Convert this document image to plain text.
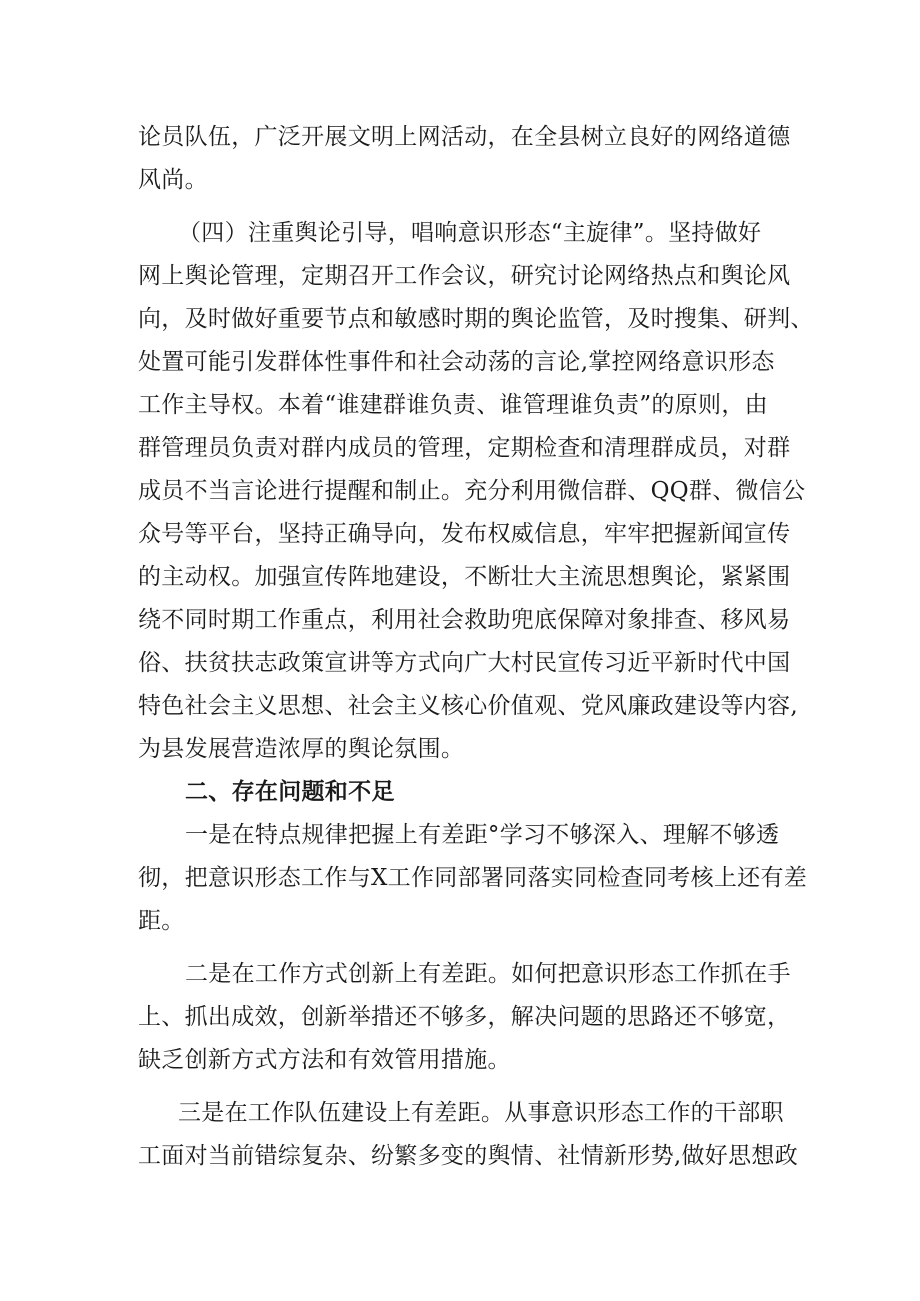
论员队伍，广泛开展文明上网活动，在全县树立良好的网络道德
风尚。
（四）注重舆论引导，唱响意识形态“主旋律”。坚持做好
网上舆论管理，定期召开工作会议，研究讨论网络热点和舆论风
向，及时做好重要节点和敏感时期的舆论监管，及时搜集、研判、
处置可能引发群体性事件和社会动荡的言论,掌控网络意识形态
工作主导权。本着“谁建群谁负责、谁管理谁负责”的原则，由
群管理员负责对群内成员的管理，定期检查和清理群成员，对群
成员不当言论进行提醒和制止。充分利用微信群、QQ群、微信公
众号等平台，坚持正确导向，发布权威信息，牢牢把握新闻宣传
的主动权。加强宣传阵地建设，不断壮大主流思想舆论，紧紧围
绕不同时期工作重点，利用社会救助兜底保障对象排查、移风易
俗、扶贫扶志政策宣讲等方式向广大村民宣传习近平新时代中国
特色社会主义思想、社会主义核心价值观、党风廉政建设等内容,
为县发展营造浓厚的舆论氛围。
二、存在问题和不足
一是在特点规律把握上有差距°学习不够深入、理解不够透
彻，把意识形态工作与X工作同部署同落实同检查同考核上还有差
距。
二是在工作方式创新上有差距。如何把意识形态工作抓在手
上、抓出成效，创新举措还不够多，解决问题的思路还不够宽，
缺乏创新方式方法和有效管用措施。
三是在工作队伍建设上有差距。从事意识形态工作的干部职
工面对当前错综复杂、纷繁多变的舆情、社情新形势,做好思想政
